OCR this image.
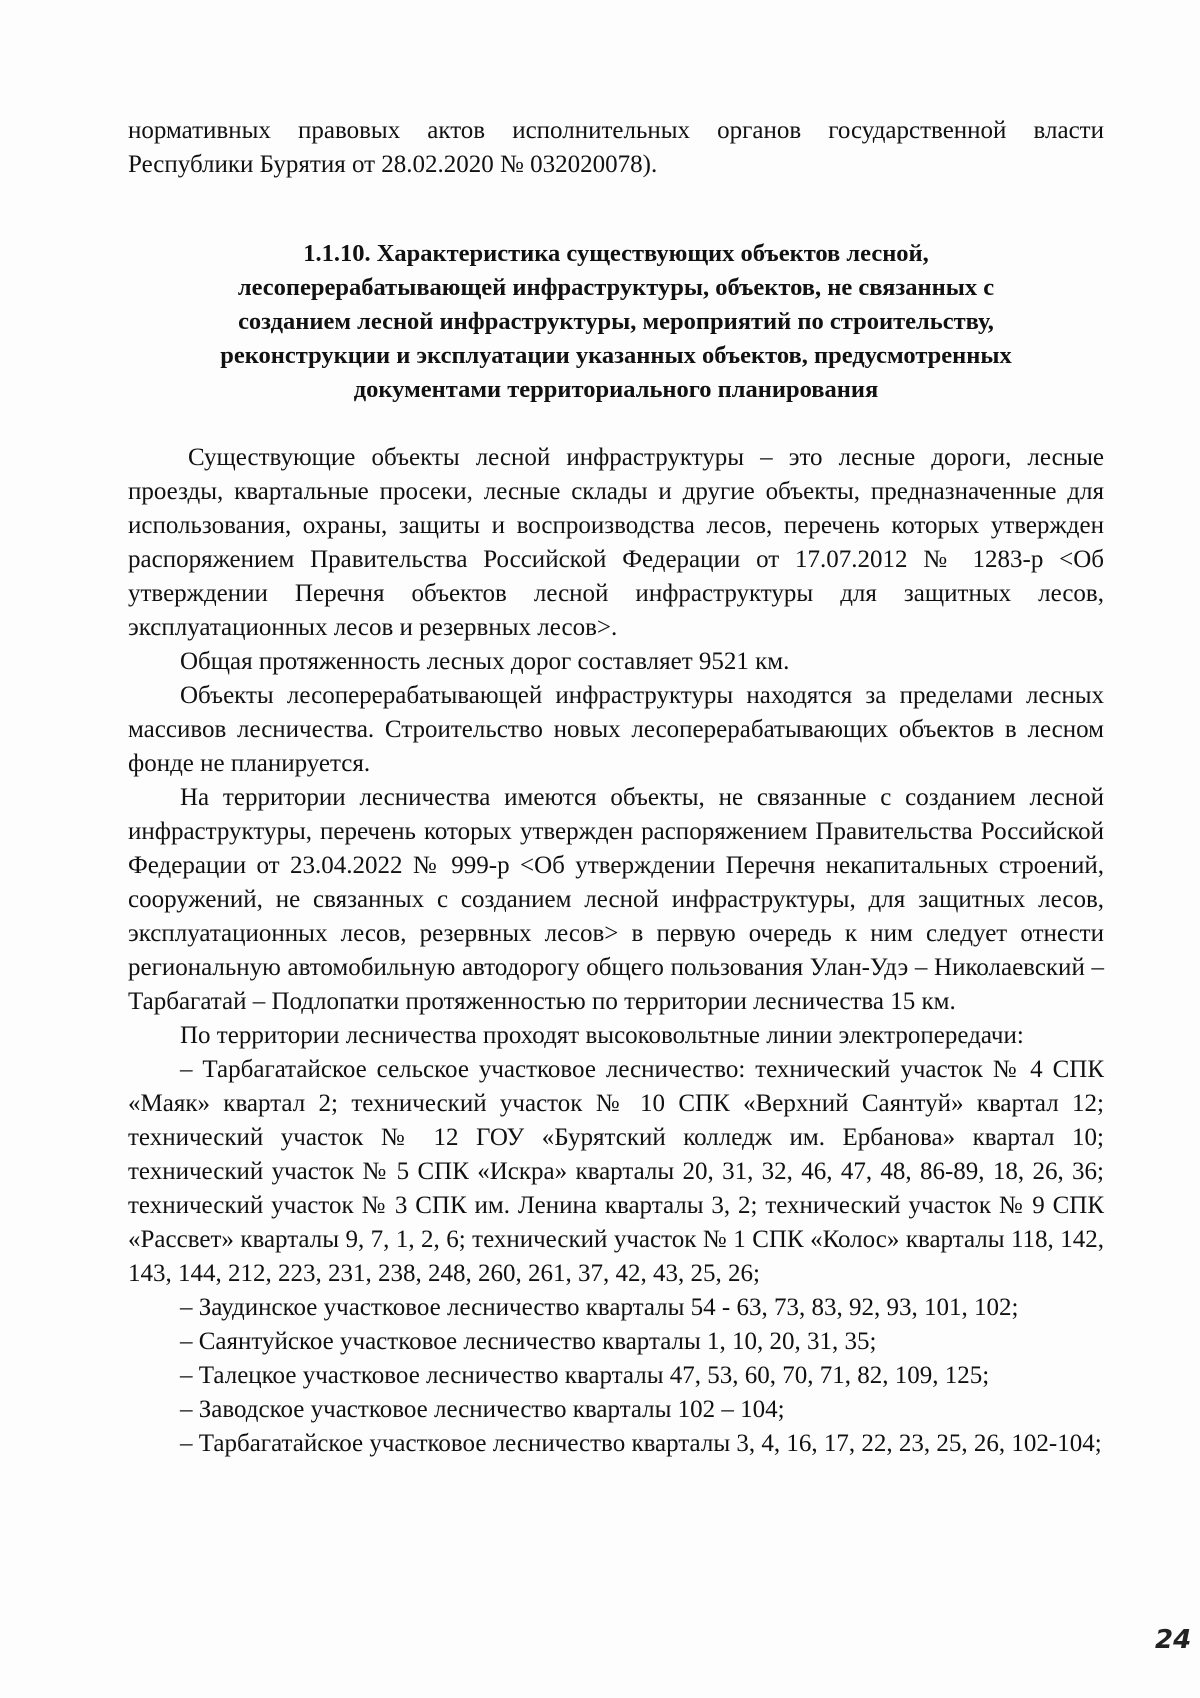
нормативных правовых актов исполнительных органов государственной власти Республики Бурятия от 28.02.2020 № 032020078).

1.1.10. Характеристика существующих объектов лесной,
лесоперерабатывающей инфраструктуры, объектов, не связанных с
созданием лесной инфраструктуры, мероприятий по строительству,
реконструкции и эксплуатации указанных объектов, предусмотренных
документами территориального планирования

Существующие объекты лесной инфраструктуры – это лесные дороги, лесные проезды, квартальные просеки, лесные склады и другие объекты, предназначенные для использования, охраны, защиты и воспроизводства лесов, перечень которых утвержден распоряжением Правительства Российской Федерации от 17.07.2012 № 1283-р <Об утверждении Перечня объектов лесной инфраструктуры для защитных лесов, эксплуатационных лесов и резервных лесов>.

Общая протяженность лесных дорог составляет 9521 км.

Объекты лесоперерабатывающей инфраструктуры находятся за пределами лесных массивов лесничества. Строительство новых лесоперерабатывающих объектов в лесном фонде не планируется.

На территории лесничества имеются объекты, не связанные с созданием лесной инфраструктуры, перечень которых утвержден распоряжением Правительства Российской Федерации от 23.04.2022 № 999-р <Об утверждении Перечня некапитальных строений, сооружений, не связанных с созданием лесной инфраструктуры, для защитных лесов, эксплуатационных лесов, резервных лесов> в первую очередь к ним следует отнести региональную автомобильную автодорогу общего пользования Улан-Удэ – Николаевский – Тарбагатай – Подлопатки протяженностью по территории лесничества 15 км.

По территории лесничества проходят высоковольтные линии электропередачи:

– Тарбагатайское сельское участковое лесничество: технический участок № 4 СПК «Маяк» квартал 2; технический участок № 10 СПК «Верхний Саянтуй» квартал 12; технический участок № 12 ГОУ «Бурятский колледж им. Ербанова» квартал 10; технический участок № 5 СПК «Искра» кварталы 20, 31, 32, 46, 47, 48, 86-89, 18, 26, 36; технический участок № 3 СПК им. Ленина кварталы 3, 2; технический участок № 9 СПК «Рассвет» кварталы 9, 7, 1, 2, 6; технический участок № 1 СПК «Колос» кварталы 118, 142, 143, 144, 212, 223, 231, 238, 248, 260, 261, 37, 42, 43, 25, 26;

– Заудинское участковое лесничество кварталы 54 - 63, 73, 83, 92, 93, 101, 102;

– Саянтуйское участковое лесничество кварталы 1, 10, 20, 31, 35;

– Талецкое участковое лесничество кварталы 47, 53, 60, 70, 71, 82, 109, 125;

– Заводское участковое лесничество кварталы 102 – 104;

– Тарбагатайское участковое лесничество кварталы 3, 4, 16, 17, 22, 23, 25, 26, 102-104;

24
